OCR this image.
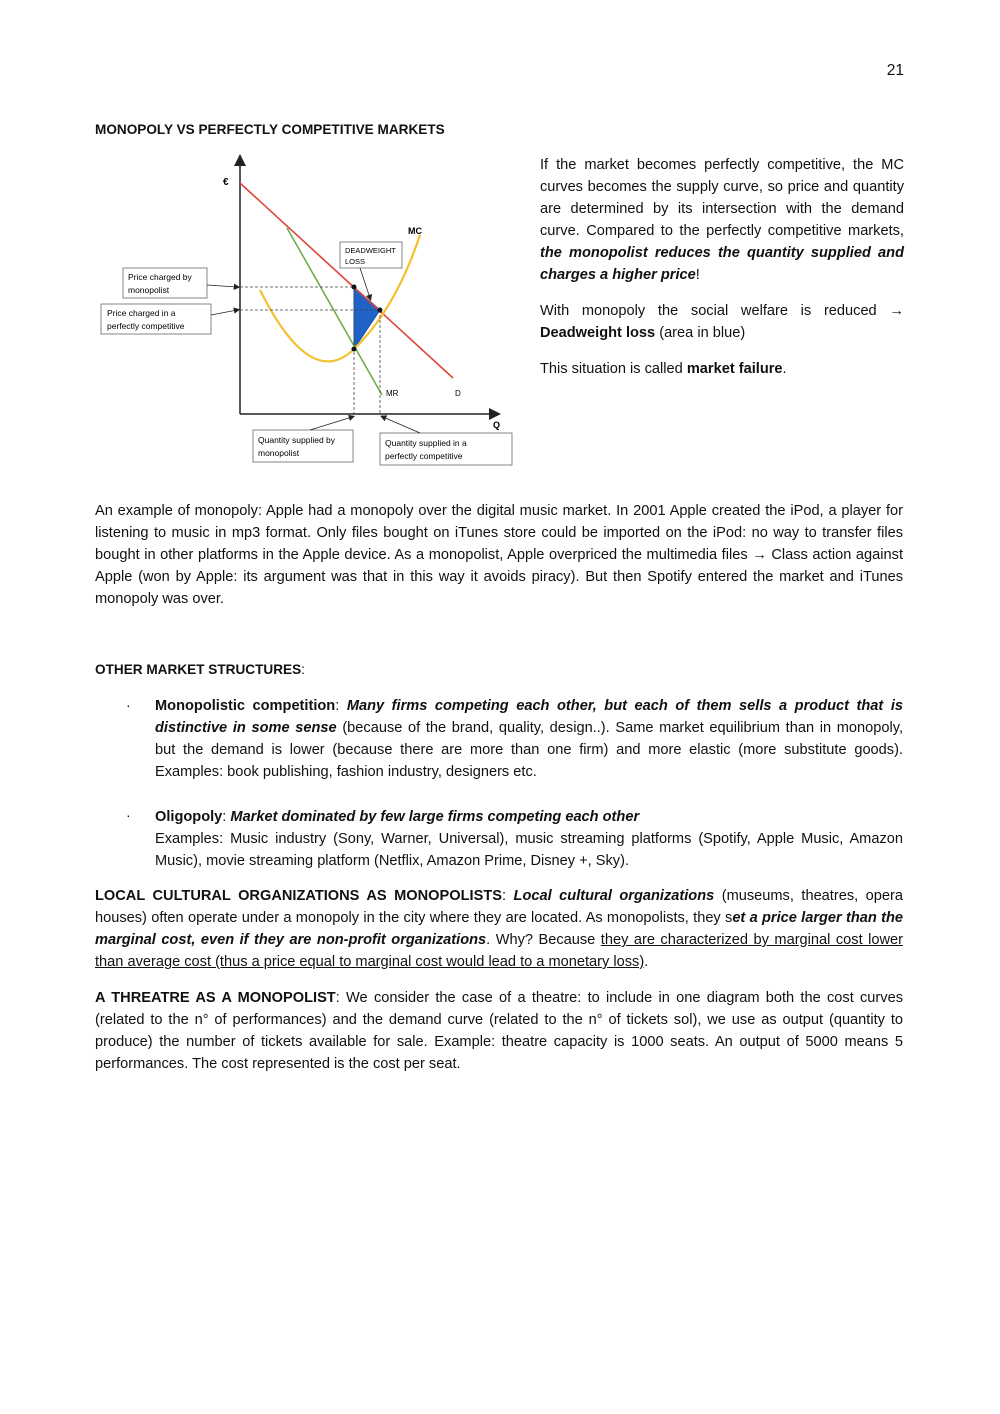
21
MONOPOLY VS PERFECTLY COMPETITIVE MARKETS
€
Q
MC
MR	D
DEADWEIGHT
LOSS
Price charged by
monopolist
Price charged in a
perfectly competitive
Quantity supplied by
monopolist
Quantity supplied in a
perfectly competitive

If the market becomes perfectly competitive, the MC curves becomes the supply curve, so price and quantity are determined by its intersection with the demand curve. Compared to the perfectly competitive markets, the monopolist reduces the quantity supplied and charges a higher price!

With monopoly the social welfare is reduced → Deadweight loss (area in blue)

This situation is called market failure.

An example of monopoly: Apple had a monopoly over the digital music market. In 2001 Apple created the iPod, a player for listening to music in mp3 format. Only files bought on iTunes store could be imported on the iPod: no way to transfer files bought in other platforms in the Apple device. As a monopolist, Apple overpriced the multimedia files → Class action against Apple (won by Apple: its argument was that in this way it avoids piracy). But then Spotify entered the market and iTunes monopoly was over.

OTHER MARKET STRUCTURES:
· Monopolistic competition: Many firms competing each other, but each of them sells a product that is distinctive in some sense (because of the brand, quality, design..). Same market equilibrium than in monopoly, but the demand is lower (because there are more than one firm) and more elastic (more substitute goods). Examples: book publishing, fashion industry, designers etc.

· Oligopoly: Market dominated by few large firms competing each other
Examples: Music industry (Sony, Warner, Universal), music streaming platforms (Spotify, Apple Music, Amazon Music), movie streaming platform (Netflix, Amazon Prime, Disney +, Sky).

LOCAL CULTURAL ORGANIZATIONS AS MONOPOLISTS: Local cultural organizations (museums, theatres, opera houses) often operate under a monopoly in the city where they are located. As monopolists, they set a price larger than the marginal cost, even if they are non-profit organizations. Why? Because they are characterized by marginal cost lower than average cost (thus a price equal to marginal cost would lead to a monetary loss).

A THREATRE AS A MONOPOLIST: We consider the case of a theatre: to include in one diagram both the cost curves (related to the n° of performances) and the demand curve (related to the n° of tickets sol), we use as output (quantity to produce) the number of tickets available for sale. Example: theatre capacity is 1000 seats. An output of 5000 means 5 performances. The cost represented is the cost per seat.
